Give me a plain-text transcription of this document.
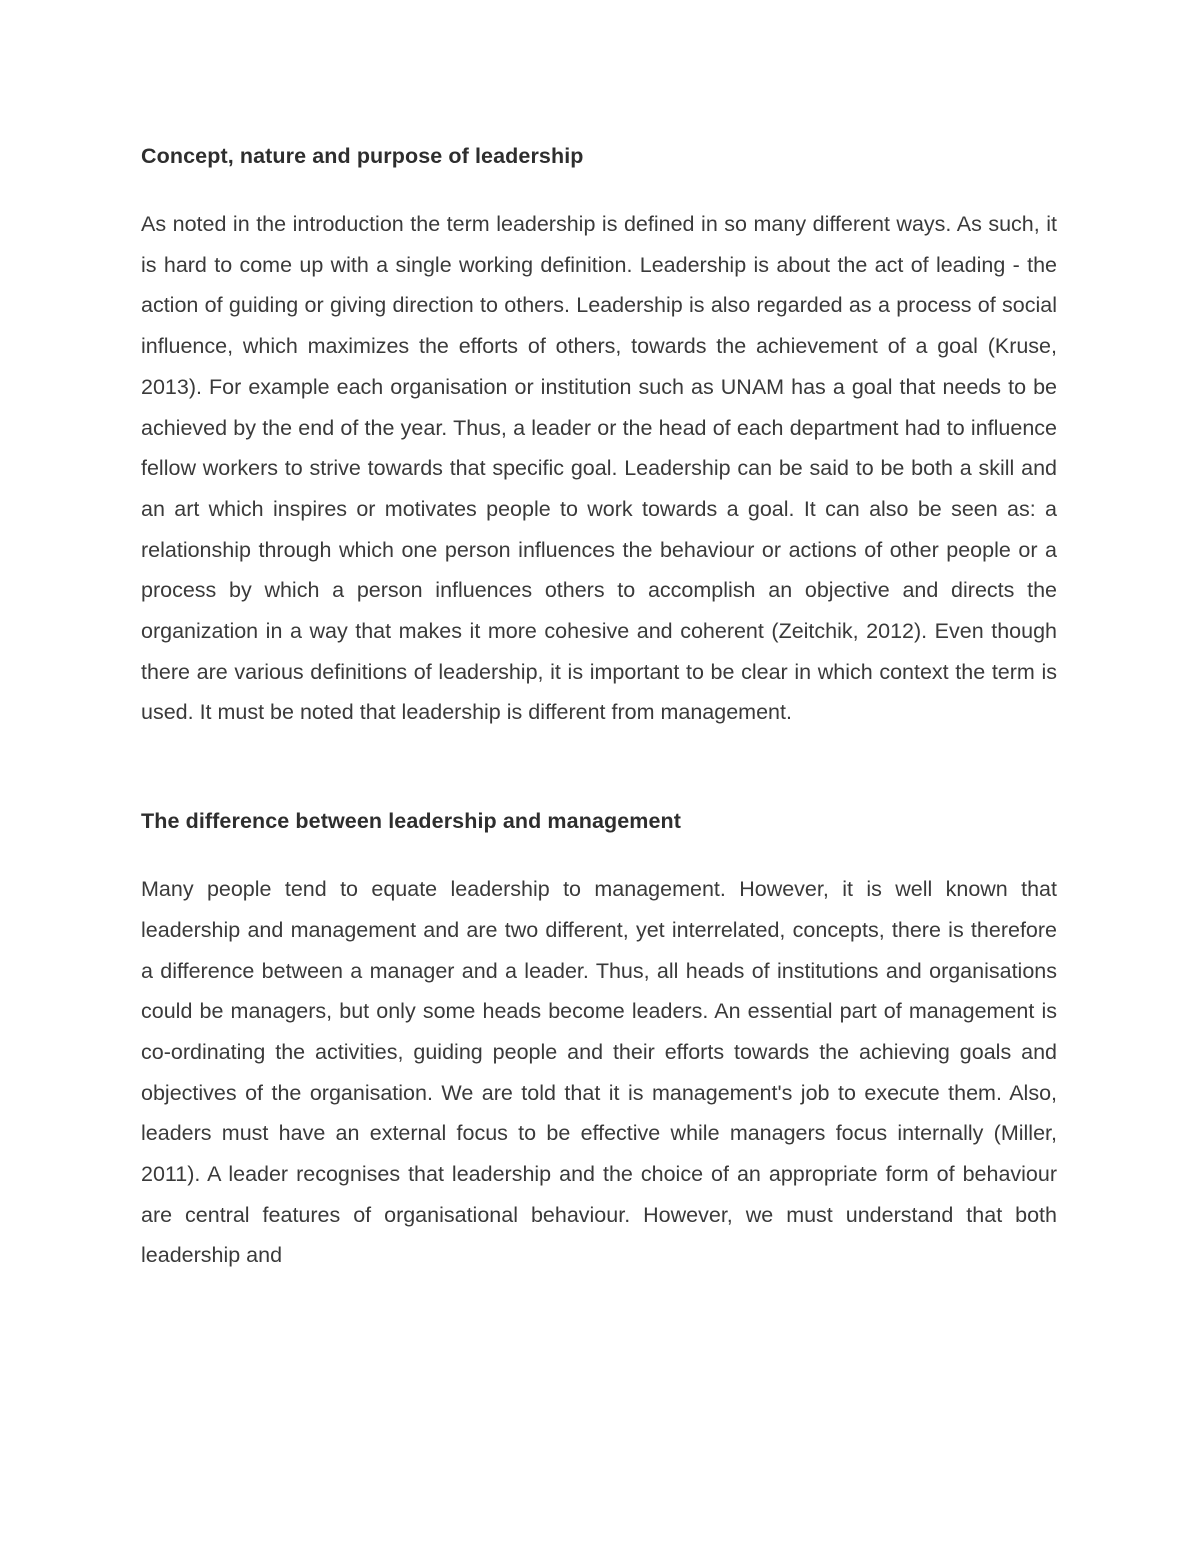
Concept, nature and purpose of leadership

As noted in the introduction the term leadership is defined in so many different ways. As such, it is hard to come up with a single working definition. Leadership is about the act of leading - the action of guiding or giving direction to others. Leadership is also regarded as a process of social influence, which maximizes the efforts of others, towards the achievement of a goal (Kruse, 2013). For example each organisation or institution such as UNAM has a goal that needs to be achieved by the end of the year. Thus, a leader or the head of each department had to influence fellow workers to strive towards that specific goal. Leadership can be said to be both a skill and an art which inspires or motivates people to work towards a goal. It can also be seen as: a relationship through which one person influences the behaviour or actions of other people or a process by which a person influences others to accomplish an objective and directs the organization in a way that makes it more cohesive and coherent (Zeitchik, 2012). Even though there are various definitions of leadership, it is important to be clear in which context the term is used. It must be noted that leadership is different from management.

The difference between leadership and management

Many people tend to equate leadership to management. However, it is well known that leadership and management and are two different, yet interrelated, concepts, there is therefore a difference between a manager and a leader. Thus, all heads of institutions and organisations could be managers, but only some heads become leaders. An essential part of management is co-ordinating the activities, guiding people and their efforts towards the achieving goals and objectives of the organisation. We are told that it is management's job to execute them. Also, leaders must have an external focus to be effective while managers focus internally (Miller, 2011). A leader recognises that leadership and the choice of an appropriate form of behaviour are central features of organisational behaviour. However, we must understand that both leadership and
